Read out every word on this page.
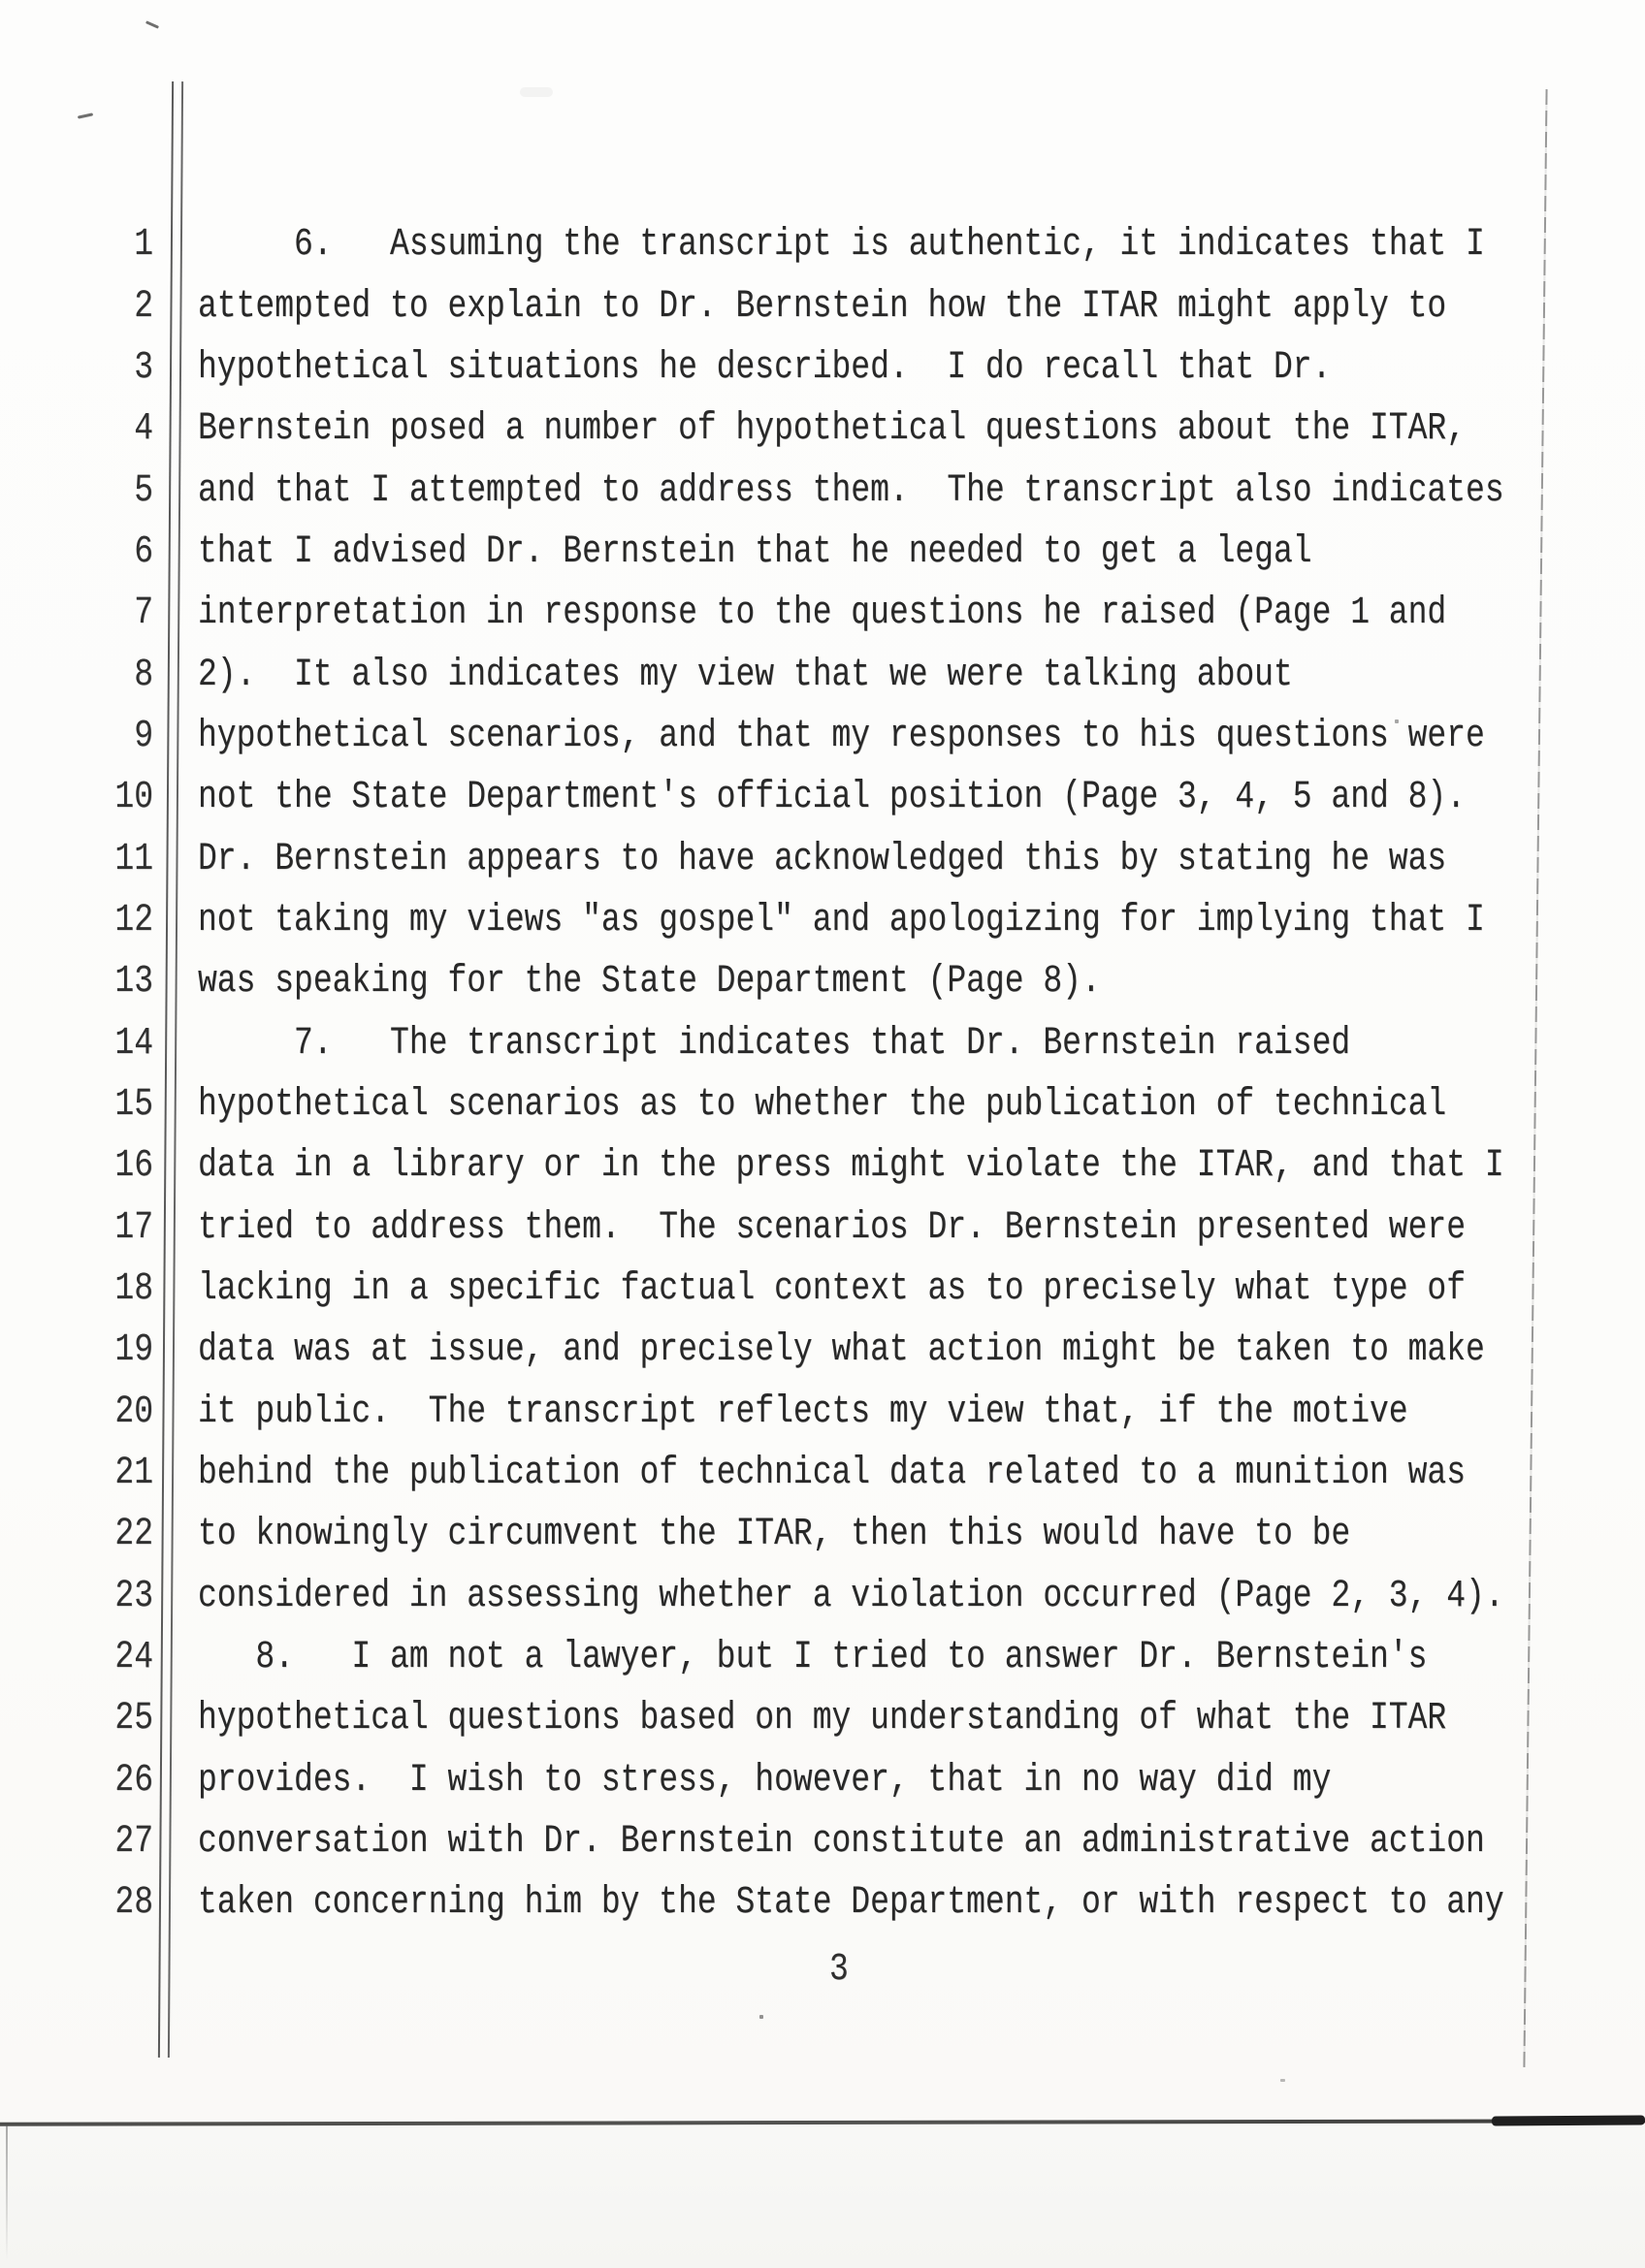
1 6.   Assuming the transcript is authentic, it indicates that I
2 attempted to explain to Dr. Bernstein how the ITAR might apply to
3 hypothetical situations he described.  I do recall that Dr.
4 Bernstein posed a number of hypothetical questions about the ITAR,
5 and that I attempted to address them.  The transcript also indicates
6 that I advised Dr. Bernstein that he needed to get a legal
7 interpretation in response to the questions he raised (Page 1 and
8 2).  It also indicates my view that we were talking about
9 hypothetical scenarios, and that my responses to his questions were
10 not the State Department's official position (Page 3, 4, 5 and 8).
11 Dr. Bernstein appears to have acknowledged this by stating he was
12 not taking my views "as gospel" and apologizing for implying that I
13 was speaking for the State Department (Page 8).
14 7.   The transcript indicates that Dr. Bernstein raised
15 hypothetical scenarios as to whether the publication of technical
16 data in a library or in the press might violate the ITAR, and that I
17 tried to address them.  The scenarios Dr. Bernstein presented were
18 lacking in a specific factual context as to precisely what type of
19 data was at issue, and precisely what action might be taken to make
20 it public.  The transcript reflects my view that, if the motive
21 behind the publication of technical data related to a munition was
22 to knowingly circumvent the ITAR, then this would have to be
23 considered in assessing whether a violation occurred (Page 2, 3, 4).
24 8.   I am not a lawyer, but I tried to answer Dr. Bernstein's
25 hypothetical questions based on my understanding of what the ITAR
26 provides.  I wish to stress, however, that in no way did my
27 conversation with Dr. Bernstein constitute an administrative action
28 taken concerning him by the State Department, or with respect to any
3
